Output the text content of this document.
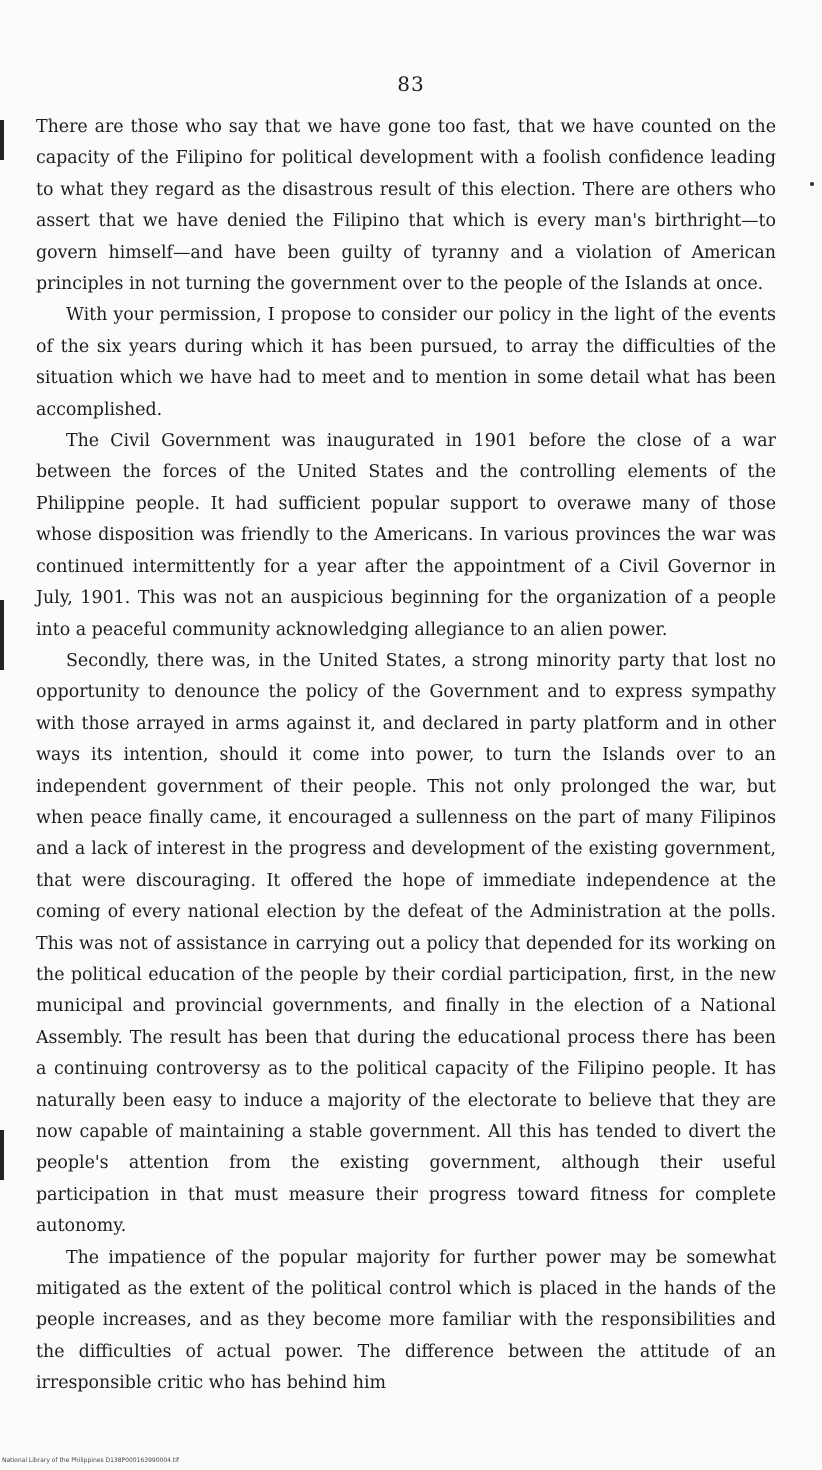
83

There are those who say that we have gone too fast, that we have counted on the capacity of the Filipino for political development with a foolish confidence leading to what they regard as the disastrous result of this election. There are others who assert that we have denied the Filipino that which is every man's birthright—to govern himself—and have been guilty of tyranny and a violation of American principles in not turning the government over to the people of the Islands at once.

With your permission, I propose to consider our policy in the light of the events of the six years during which it has been pursued, to array the difficulties of the situation which we have had to meet and to mention in some detail what has been accomplished.

The Civil Government was inaugurated in 1901 before the close of a war between the forces of the United States and the controlling elements of the Philippine people. It had sufficient popular support to overawe many of those whose disposition was friendly to the Americans. In various provinces the war was continued intermittently for a year after the appointment of a Civil Governor in July, 1901. This was not an auspicious beginning for the organization of a people into a peaceful community acknowledging allegiance to an alien power.

Secondly, there was, in the United States, a strong minority party that lost no opportunity to denounce the policy of the Government and to express sympathy with those arrayed in arms against it, and declared in party platform and in other ways its intention, should it come into power, to turn the Islands over to an independent government of their people. This not only prolonged the war, but when peace finally came, it encouraged a sullenness on the part of many Filipinos and a lack of interest in the progress and development of the existing government, that were discouraging. It offered the hope of immediate independence at the coming of every national election by the defeat of the Administration at the polls. This was not of assistance in carrying out a policy that depended for its working on the political education of the people by their cordial participation, first, in the new municipal and provincial governments, and finally in the election of a National Assembly. The result has been that during the educational process there has been a continuing controversy as to the political capacity of the Filipino people. It has naturally been easy to induce a majority of the electorate to believe that they are now capable of maintaining a stable government. All this has tended to divert the people's attention from the existing government, although their useful participation in that must measure their progress toward fitness for complete autonomy.

The impatience of the popular majority for further power may be somewhat mitigated as the extent of the political control which is placed in the hands of the people increases, and as they become more familiar with the responsibilities and the difficulties of actual power. The difference between the attitude of an irresponsible critic who has behind him

National Library of the Philippines D138P000163990004.tif
